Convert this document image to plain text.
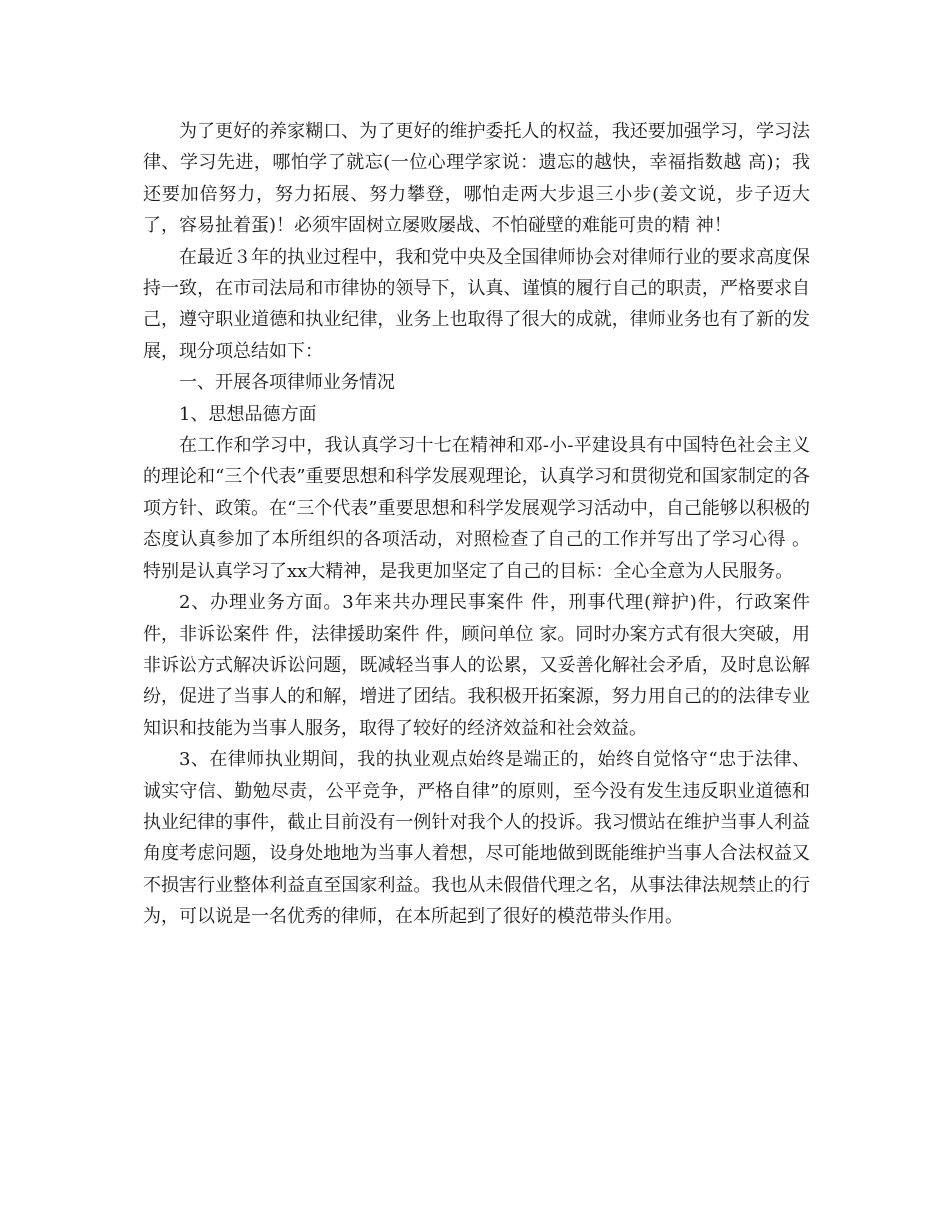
为了更好的养家糊口、为了更好的维护委托人的权益，我还要加强学习，学习法律、学习先进，哪怕学了就忘(一位心理学家说：遗忘的越快，幸福指数越 高)；我还要加倍努力，努力拓展、努力攀登，哪怕走两大步退三小步(姜文说，步子迈大了，容易扯着蛋)！必须牢固树立屡败屡战、不怕碰壁的难能可贵的精 神！

在最近３年的执业过程中，我和党中央及全国律师协会对律师行业的要求高度保持一致，在市司法局和市律协的领导下，认真、谨慎的履行自己的职责，严格要求自己，遵守职业道德和执业纪律，业务上也取得了很大的成就，律师业务也有了新的发展，现分项总结如下：

一、开展各项律师业务情况

1、思想品德方面

在工作和学习中，我认真学习十七在精神和邓-小-平建设具有中国特色社会主义的理论和“三个代表”重要思想和科学发展观理论，认真学习和贯彻党和国家制定的各项方针、政策。在“三个代表”重要思想和科学发展观学习活动中，自己能够以积极的态度认真参加了本所组织的各项活动，对照检查了自己的工作并写出了学习心得 。特别是认真学习了xx大精神，是我更加坚定了自己的目标：全心全意为人民服务。

2、办理业务方面。3年来共办理民事案件 件，刑事代理(辩护)件，行政案件 件，非诉讼案件 件，法律援助案件 件，顾问单位 家。同时办案方式有很大突破，用非诉讼方式解决诉讼问题，既减轻当事人的讼累，又妥善化解社会矛盾，及时息讼解纷，促进了当事人的和解，增进了团结。我积极开拓案源，努力用自己的的法律专业知识和技能为当事人服务，取得了较好的经济效益和社会效益。

3、在律师执业期间，我的执业观点始终是端正的，始终自觉恪守“忠于法律、诚实守信、勤勉尽责，公平竞争，严格自律”的原则，至今没有发生违反职业道德和执业纪律的事件，截止目前没有一例针对我个人的投诉。我习惯站在维护当事人利益角度考虑问题，设身处地地为当事人着想，尽可能地做到既能维护当事人合法权益又不损害行业整体利益直至国家利益。我也从未假借代理之名，从事法律法规禁止的行为，可以说是一名优秀的律师，在本所起到了很好的模范带头作用。
